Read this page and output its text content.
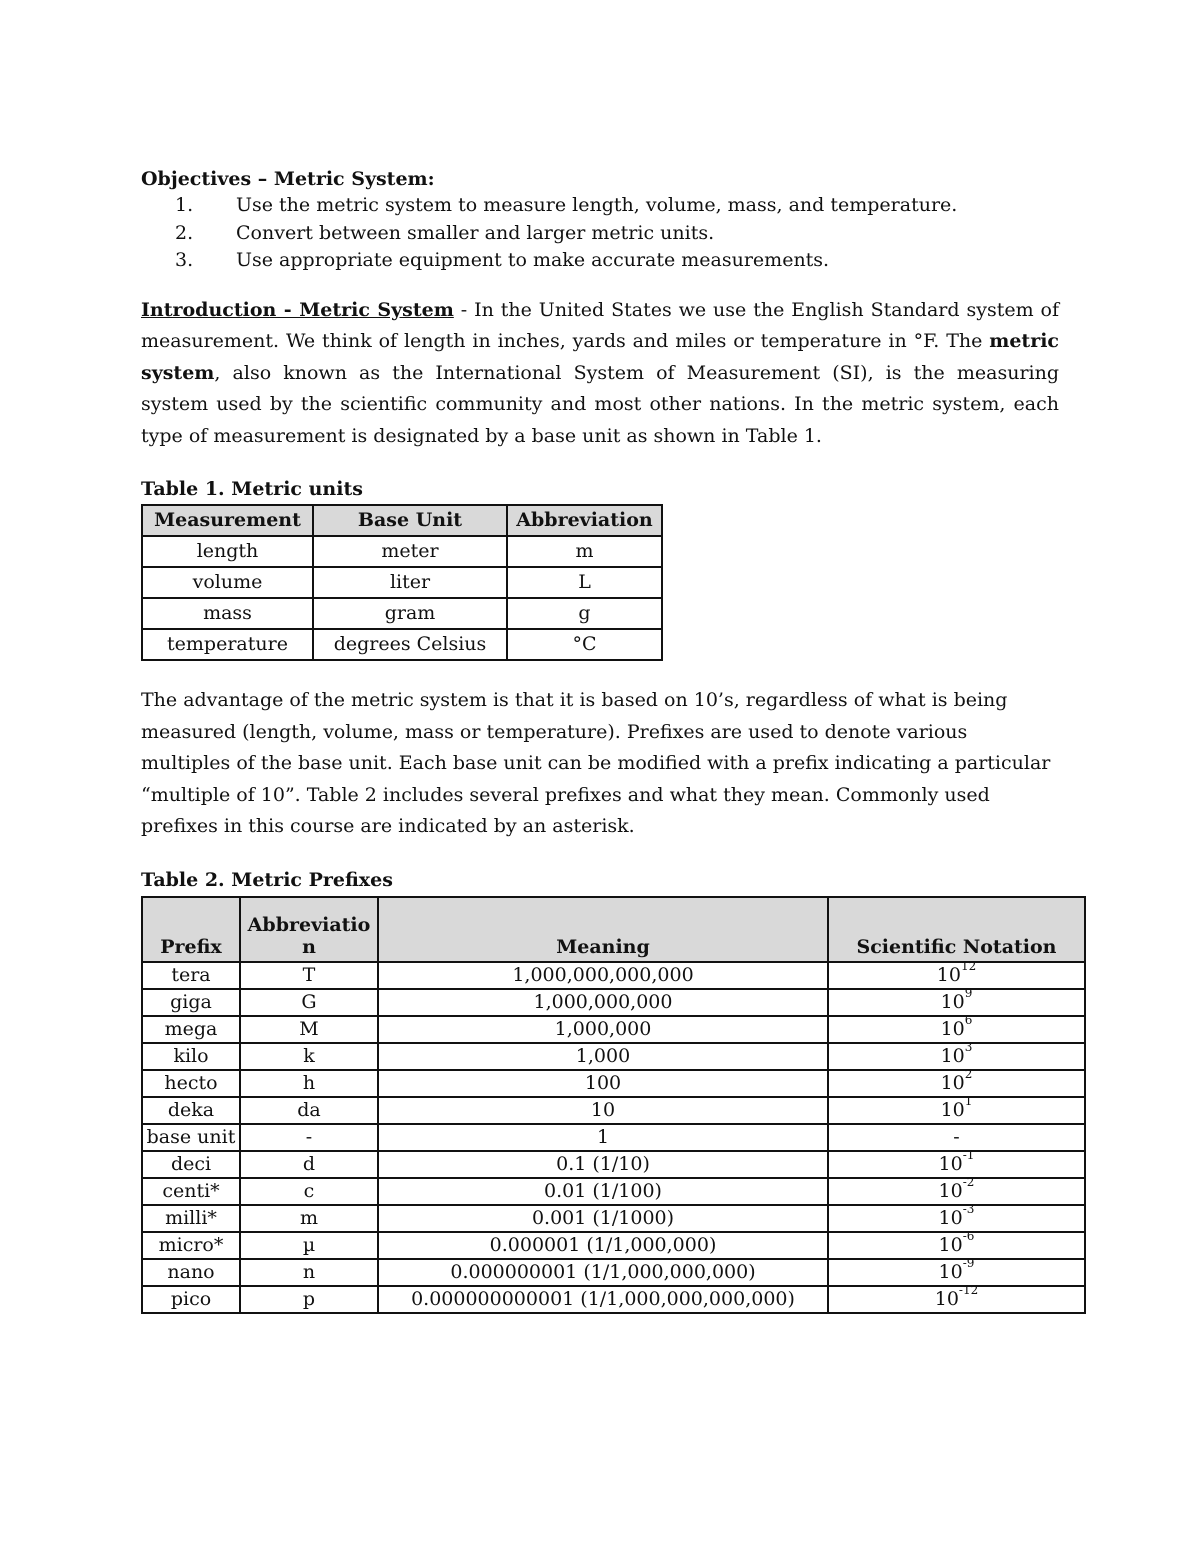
Objectives – Metric System:

1.	Use the metric system to measure length, volume, mass, and temperature.
2.	Convert between smaller and larger metric units.
3.	Use appropriate equipment to make accurate measurements.

Introduction - Metric System - In the United States we use the English Standard system of measurement. We think of length in inches, yards and miles or temperature in °F. The metric system, also known as the International System of Measurement (SI), is the measuring system used by the scientific community and most other nations. In the metric system, each type of measurement is designated by a base unit as shown in Table 1.

Table 1. Metric units

Measurement	Base Unit	Abbreviation
length	meter	m
volume	liter	L
mass	gram	g
temperature	degrees Celsius	°C

The advantage of the metric system is that it is based on 10’s, regardless of what is being measured (length, volume, mass or temperature). Prefixes are used to denote various multiples of the base unit. Each base unit can be modified with a prefix indicating a particular “multiple of 10”. Table 2 includes several prefixes and what they mean. Commonly used prefixes in this course are indicated by an asterisk.

Table 2. Metric Prefixes

Prefix	Abbreviation	Meaning	Scientific Notation
tera	T	1,000,000,000,000	$10^{12}$
giga	G	1,000,000,000	$10^9$
mega	M	1,000,000	$10^6$
kilo	k	1,000	$10^3$
hecto	h	100	$10^2$
deka	da	10	$10^1$
base unit	-	1	-
deci	d	0.1 (1/10)	$10^{-1}$
centi*	c	0.01 (1/100)	$10^{-2}$
milli*	m	0.001 (1/1000)	$10^{-3}$
micro*	µ	0.000001 (1/1,000,000)	$10^{-6}$
nano	n	0.000000001 (1/1,000,000,000)	$10^{-9}$
pico	p	0.000000000001 (1/1,000,000,000,000)	$10^{-12}$
